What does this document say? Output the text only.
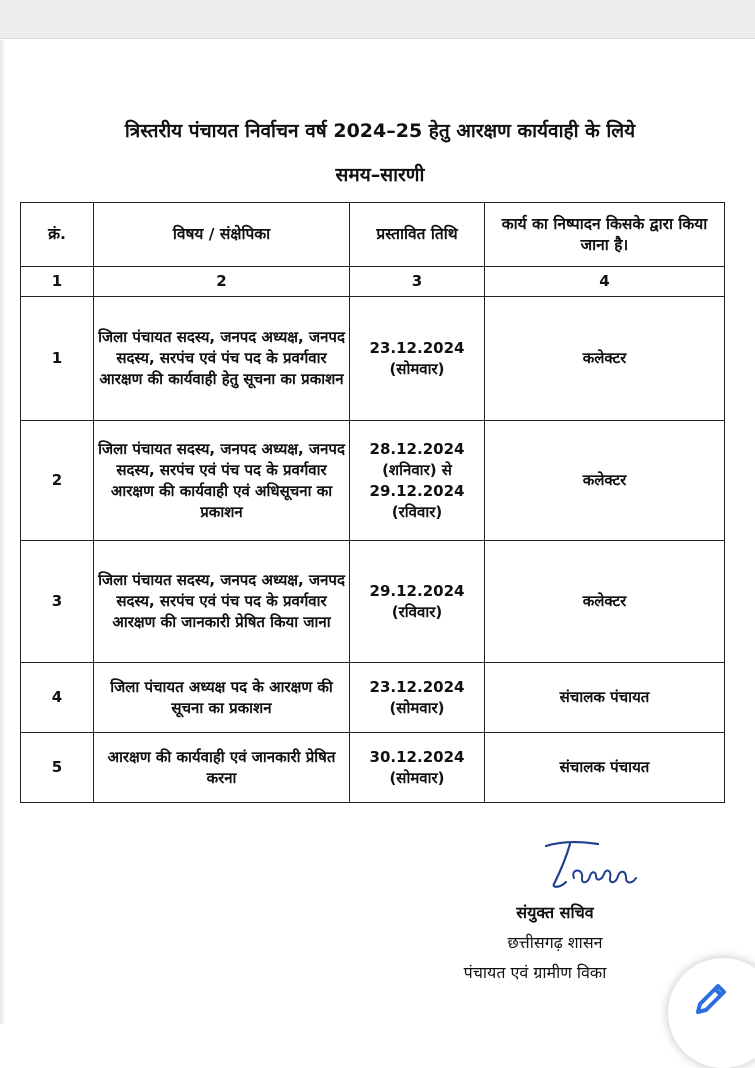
त्रिस्तरीय पंचायत निर्वाचन वर्ष 2024–25 हेतु आरक्षण कार्यवाही के लिये
समय–सारणी
क्रं.	विषय / संक्षेपिका	प्रस्तावित तिथि	कार्य का निष्पादन किसके द्वारा किया जाना है।
1	2	3	4
1	जिला पंचायत सदस्य, जनपद अध्यक्ष, जनपद सदस्य, सरपंच एवं पंच पद के प्रवर्गवार आरक्षण की कार्यवाही हेतु सूचना का प्रकाशन	23.12.2024
(सोमवार)	कलेक्टर
2	जिला पंचायत सदस्य, जनपद अध्यक्ष, जनपद सदस्य, सरपंच एवं पंच पद के प्रवर्गवार आरक्षण की कार्यवाही एवं अधिसूचना का प्रकाशन	28.12.2024
(शनिवार) से
29.12.2024
(रविवार)	कलेक्टर
3	जिला पंचायत सदस्य, जनपद अध्यक्ष, जनपद सदस्य, सरपंच एवं पंच पद के प्रवर्गवार आरक्षण की जानकारी प्रेषित किया जाना	29.12.2024
(रविवार)	कलेक्टर
4	जिला पंचायत अध्यक्ष पद के आरक्षण की सूचना का प्रकाशन	23.12.2024
(सोमवार)	संचालक पंचायत
5	आरक्षण की कार्यवाही एवं जानकारी प्रेषित करना	30.12.2024
(सोमवार)	संचालक पंचायत
संयुक्त सचिव
छत्तीसगढ़ शासन
पंचायत एवं ग्रामीण विका
